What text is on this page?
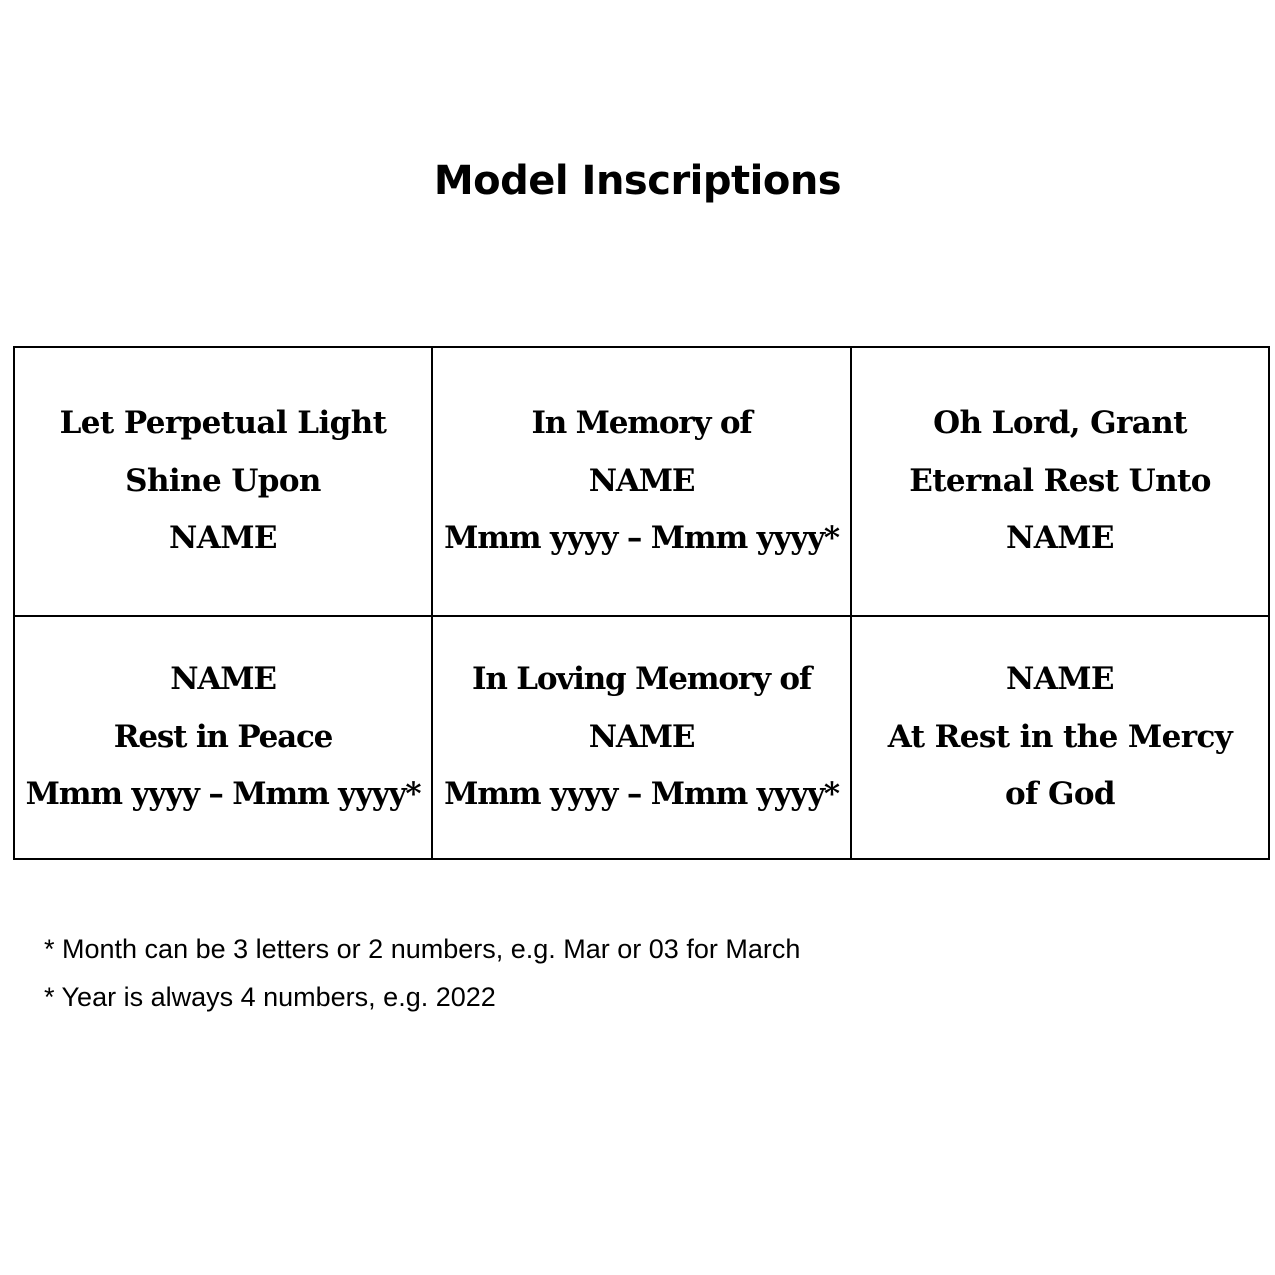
Model Inscriptions
Let Perpetual Light
Shine Upon
NAME
In Memory of
NAME
Mmm yyyy – Mmm yyyy*
Oh Lord, Grant
Eternal Rest Unto
NAME
NAME
Rest in Peace
Mmm yyyy – Mmm yyyy*
In Loving Memory of
NAME
Mmm yyyy – Mmm yyyy*
NAME
At Rest in the Mercy
of God
* Month can be 3 letters or 2 numbers, e.g. Mar or 03 for March
* Year is always 4 numbers, e.g. 2022
